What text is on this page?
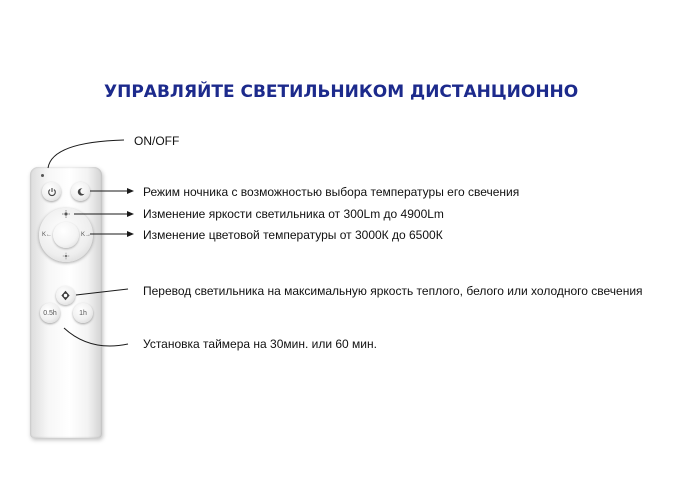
УПРАВЛЯЙТЕ СВЕТИЛЬНИКОМ ДИСТАНЦИОННО
K←	K→
0.5h	1h
ON/OFF
Режим ночника с возможностью выбора температуры его свечения
Изменение яркости светильника от 300Lm до 4900Lm
Изменение цветовой температуры от 3000К до 6500К
Перевод светильника на максимальную яркость теплого, белого или холодного свечения
Установка таймера на 30мин. или 60 мин.
